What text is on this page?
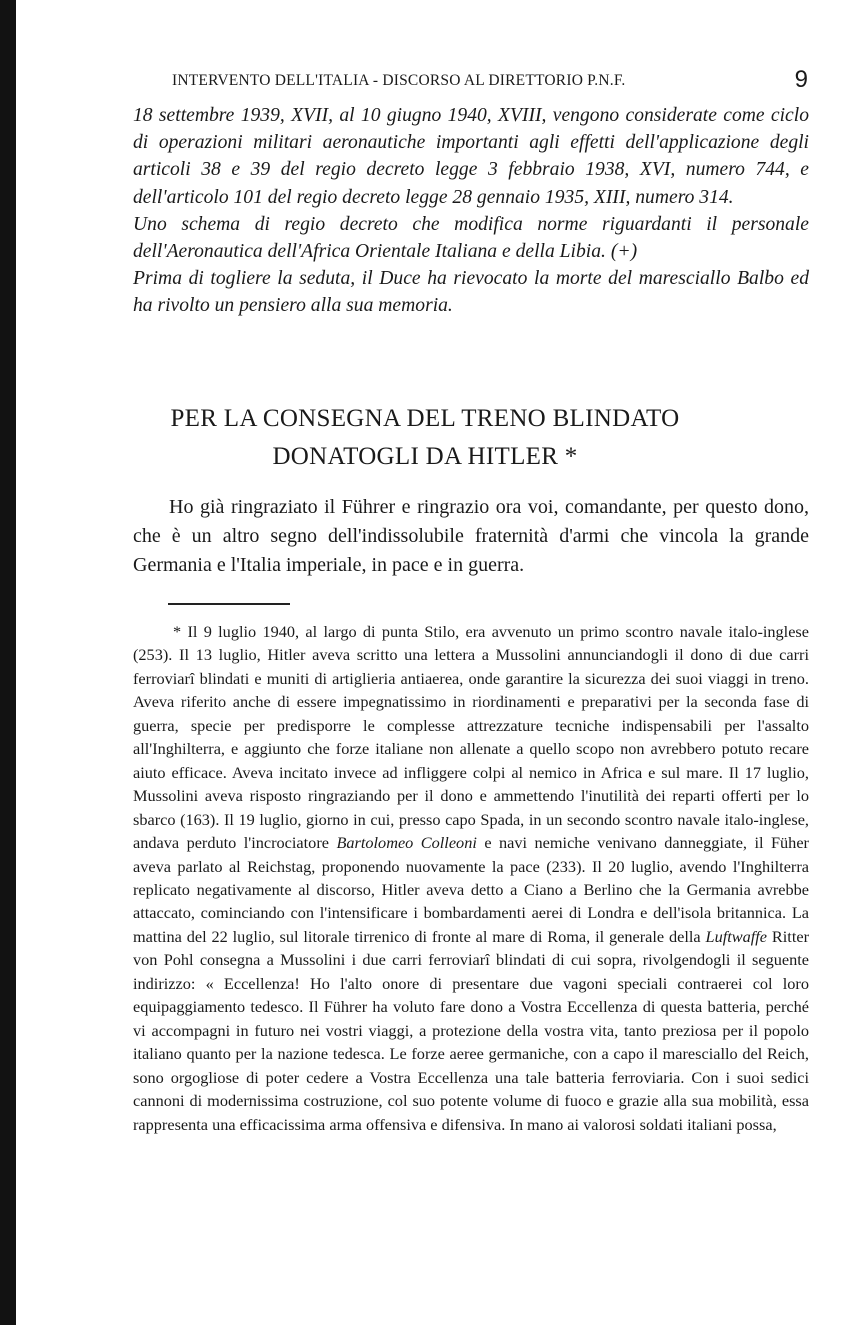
INTERVENTO DELL'ITALIA - DISCORSO AL DIRETTORIO P.N.F.	9

18 settembre 1939, XVII, al 10 giugno 1940, XVIII, vengono considerate come ciclo di operazioni militari aeronautiche importanti agli effetti dell'applicazione degli articoli 38 e 39 del regio decreto legge 3 febbraio 1938, XVI, numero 744, e dell'articolo 101 del regio decreto legge 28 gennaio 1935, XIII, numero 314.

Uno schema di regio decreto che modifica norme riguardanti il personale dell'Aeronautica dell'Africa Orientale Italiana e della Libia. (+)

Prima di togliere la seduta, il Duce ha rievocato la morte del maresciallo Balbo ed ha rivolto un pensiero alla sua memoria.

PER LA CONSEGNA DEL TRENO BLINDATO
DONATOGLI DA HITLER *

Ho già ringraziato il Führer e ringrazio ora voi, comandante, per questo dono, che è un altro segno dell'indissolubile fraternità d'armi che vincola la grande Germania e l'Italia imperiale, in pace e in guerra.

* Il 9 luglio 1940, al largo di punta Stilo, era avvenuto un primo scontro navale italo-inglese (253). Il 13 luglio, Hitler aveva scritto una lettera a Mussolini annunciandogli il dono di due carri ferroviarî blindati e muniti di artiglieria antiaerea, onde garantire la sicurezza dei suoi viaggi in treno. Aveva riferito anche di essere impegnatissimo in riordinamenti e preparativi per la seconda fase di guerra, specie per predisporre le complesse attrezzature tecniche indispensabili per l'assalto all'Inghilterra, e aggiunto che forze italiane non allenate a quello scopo non avrebbero potuto recare aiuto efficace. Aveva incitato invece ad infliggere colpi al nemico in Africa e sul mare. Il 17 luglio, Mussolini aveva risposto ringraziando per il dono e ammettendo l'inutilità dei reparti offerti per lo sbarco (163). Il 19 luglio, giorno in cui, presso capo Spada, in un secondo scontro navale italo-inglese, andava perduto l'incrociatore Bartolomeo Colleoni e navi nemiche venivano danneggiate, il Füher aveva parlato al Reichstag, proponendo nuovamente la pace (233). Il 20 luglio, avendo l'Inghilterra replicato negativamente al discorso, Hitler aveva detto a Ciano a Berlino che la Germania avrebbe attaccato, cominciando con l'intensificare i bombardamenti aerei di Londra e dell'isola britannica. La mattina del 22 luglio, sul litorale tirrenico di fronte al mare di Roma, il generale della Luftwaffe Ritter von Pohl consegna a Mussolini i due carri ferroviarî blindati di cui sopra, rivolgendogli il seguente indirizzo: « Eccellenza! Ho l'alto onore di presentare due vagoni speciali contraerei col loro equipaggiamento tedesco. Il Führer ha voluto fare dono a Vostra Eccellenza di questa batteria, perché vi accompagni in futuro nei vostri viaggi, a protezione della vostra vita, tanto preziosa per il popolo italiano quanto per la nazione tedesca. Le forze aeree germaniche, con a capo il maresciallo del Reich, sono orgogliose di poter cedere a Vostra Eccellenza una tale batteria ferroviaria. Con i suoi sedici cannoni di modernissima costruzione, col suo potente volume di fuoco e grazie alla sua mobilità, essa rappresenta una efficacissima arma offensiva e difensiva. In mano ai valorosi soldati italiani possa,
